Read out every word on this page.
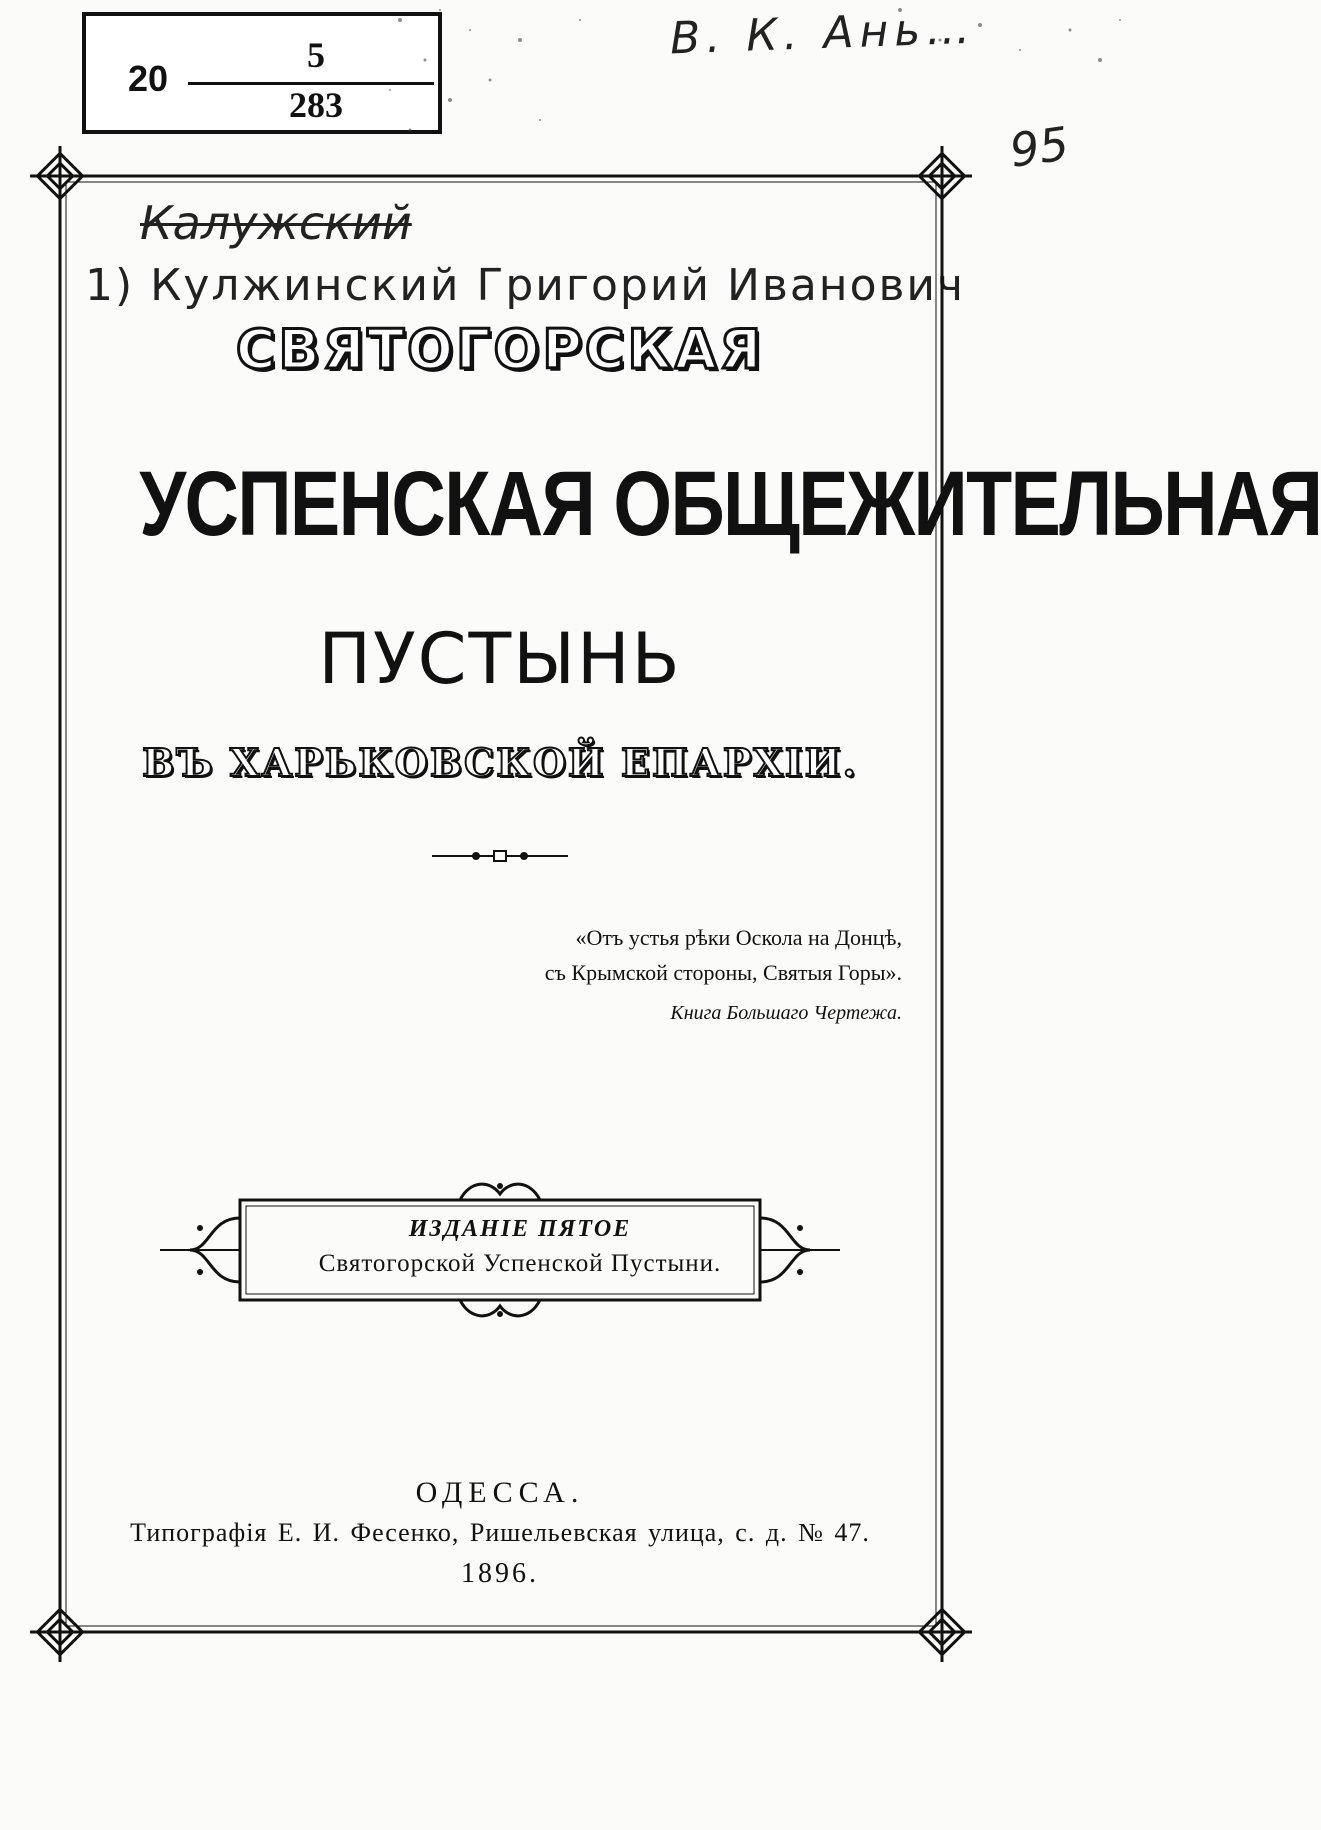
20
5
283
В. К. Ань…
95
Калужский
1) Кулжинский Григорий Иванович
СВЯТОГОРСКАЯ
УСПЕНСКАЯ ОБЩЕЖИТЕЛЬНАЯ
ПУСТЫНЬ
ВЪ ХАРЬКОВСКОЙ ЕПАРХІИ.
«Отъ устья рѣки Оскола на Донцѣ,
съ Крымской стороны, Святыя Горы».
Книга Большаго Чертежа.
ИЗДАНІЕ ПЯТОЕ
Святогорской Успенской Пустыни.
ОДЕССА.
Типографія Е. И. Фесенко, Ришельевская улица, с. д. № 47.
1896.
